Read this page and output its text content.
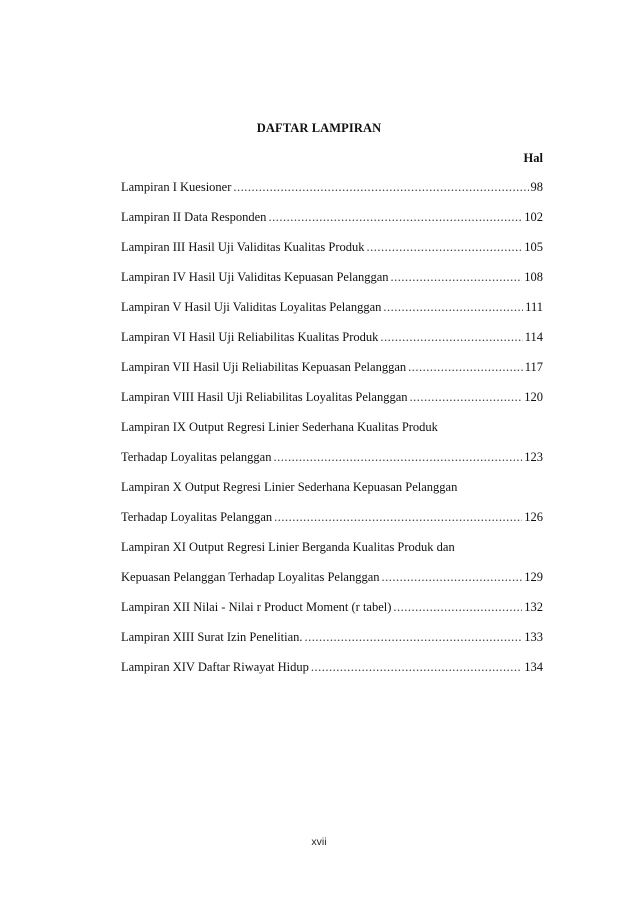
DAFTAR LAMPIRAN
Hal
Lampiran I Kuesioner .....	98
Lampiran II Data Responden .....	102
Lampiran III Hasil Uji Validitas Kualitas Produk .....	105
Lampiran IV Hasil Uji Validitas Kepuasan Pelanggan .....	108
Lampiran V Hasil Uji Validitas Loyalitas Pelanggan .....	111
Lampiran VI Hasil Uji Reliabilitas Kualitas Produk .....	114
Lampiran VII Hasil Uji Reliabilitas Kepuasan Pelanggan .....	117
Lampiran VIII Hasil Uji Reliabilitas Loyalitas Pelanggan .....	120
Lampiran IX Output Regresi Linier Sederhana Kualitas Produk
Terhadap Loyalitas pelanggan .....	123
Lampiran X Output Regresi Linier Sederhana Kepuasan Pelanggan
Terhadap Loyalitas Pelanggan .....	126
Lampiran XI Output Regresi Linier Berganda Kualitas Produk dan
Kepuasan Pelanggan Terhadap Loyalitas Pelanggan .....	129
Lampiran XII Nilai - Nilai r Product Moment (r tabel) .....	132
Lampiran XIII Surat Izin Penelitian. .....	133
Lampiran XIV Daftar Riwayat Hidup .....	134
xvii
